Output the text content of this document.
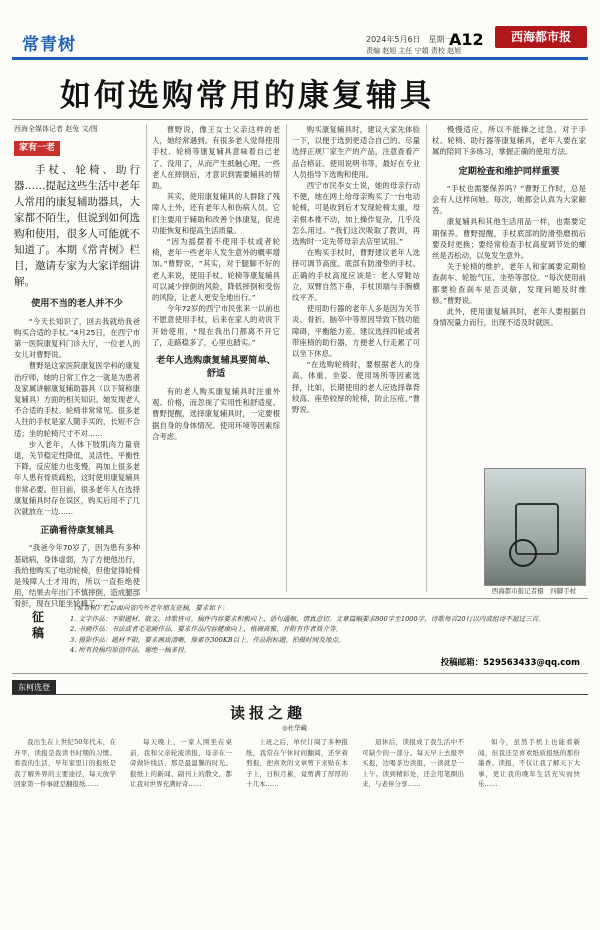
常青树	2024年5月6日　星期一
责编 赵旭 主任 宁娟 责校 赵旭
A12	西海都市报
如何选购常用的康复辅具
西海全媒体记者 赵兔 文/图
家有一老

手杖、轮椅、助行器……提起这些生活中老年人常用的康复辅助器具，大家都不陌生，但说到如何选购和使用，很多人可能就不知道了。本期《常青树》栏目，邀请专家为大家详细讲解。

使用不当的老人并不少

“今天长知识了，回去我就给我爸购买合适的手杖。”4月25日，在西宁市第一医院康复科门诊大厅，一位老人的女儿对曹野说。

曹野是这家医院康复医学科的康复治疗师，她的日常工作之一就是为患者及家属讲解康复辅助器具（以下简称康复辅具）方面的相关知识。她发现老人不合适的手杖、轮椅非常常见。很多老人拄的手杖是家人随手买的，长短不合适；坐的轮椅尺寸不对……

步入老年，人体下肢肌肉力量衰退，关节稳定性降低，灵活性、平衡性下降，反应能力也变慢，再加上很多老年人患有骨质疏松，这时使用康复辅具非常必要。但目前，很多老年人在选择康复辅具时存在误区，购买后用不了几次就放在一边……

正确看待康复辅具

“我爸今年70岁了，因为患有多种基础病，身体虚弱，为了方便他出行，我给他购买了电动轮椅，但他觉得轮椅是残障人士才用的，所以一直拒绝使用，结果去年出门不慎摔倒，造成腿部骨折，现在只能坐轮椅了……”

曹野说，像王女士父亲这样的老人，她经常遇到。有很多老人觉得使用手杖、轮椅等康复辅具意味着自己老了、没用了，从而产生抵触心理。一些老人在摔倒后，才意识到需要辅具的帮助。

其实，使用康复辅具的人群除了残障人士外，还有老年人和伤病人员。它们主要用于辅助和改善个体康复，促进功能恢复和提高生活质量。

“因为摇摆着不使用手杖或者轮椅，老年一些老年人发生意外的概率增加。”曹野说，“其实，对于腿脚不好的老人来说，使用手杖、轮椅等康复辅具可以减少摔倒的风险，降低摔倒和受伤的风险，让老人更安全地出行。”

今年72岁的西宁市民张来一以前也不愿意使用手杖，后来在家人的劝说下开始使用，“现在我出门都离不开它了，走路稳多了，心里也踏实。”

老年人选购康复辅具要简单、舒适

有的老人购买康复辅具时注重外观、价格，而忽视了实用性和舒适度。曹野提醒，选择康复辅具时，一定要根据自身的身体情况、使用环境等因素综合考虑。

购买康复辅具时，建议大家先体验一下，以便于选到更适合自己的。尽量选择正规厂家生产的产品，注意查看产品合格证、使用说明书等，最好在专业人员指导下选购和使用。

西宁市民李女士说，她的母亲行动不便，她在网上给母亲购买了一台电动轮椅，可是收到后才发现轮椅太重，母亲根本推不动，加上操作复杂，几乎没怎么用过。“我们这次吸取了教训，再选购时一定先带母亲去店里试用。”

在购买手杖时，曹野建议老年人选择可调节高度、底部有防滑垫的手杖。正确的手杖高度应该是：老人穿鞋站立，双臂自然下垂，手杖顶端与手腕横纹平齐。

使用助行器的老年人多是因为关节炎、骨折、脑卒中等原因导致下肢功能障碍，平衡能力差。建议选择四轮或者带座椅的助行器，方便老人行走累了可以坐下休息。

“在选购轮椅时，要根据老人的身高、体重、坐姿、使用场所等因素选择，比如，长期使用的老人应选择靠背较高、座垫较厚的轮椅，防止压疮。”曹野说。

慢慢适应，所以不能操之过急。对于手杖、轮椅、助行器等康复辅具，老年人要在家属的陪同下多练习，掌握正确的使用方法。

定期检查和维护同样重要

“手杖也需要保养吗？”曹野工作时，总是会有人这样问她。每次，她都会认真为大家解答。

康复辅具和其他生活用品一样，也需要定期保养。曹野提醒，手杖底部的防滑垫磨损后要及时更换；要经常检查手杖高度调节处的螺丝是否松动，以免发生意外。

关于轮椅的维护，老年人和家属要定期检查刹车、轮胎气压、坐垫等部位。“每次使用前都要检查刹车是否灵敏，发现问题及时维修。”曹野说。

此外，使用康复辅具时，老年人要根据自身情况量力而行，出现不适及时就医。

西海都市报记者摄　四脚手杖
征稿
《常青树》栏目面向省内外老年朋友征稿，要求如下：
1. 文字作品：不限题材、散文、诗歌皆可。稿件内容要求积极向上、语句通顺、情真意切。文章篇幅要求800字至1000字，诗歌每首20行以内或组诗不超过三首。
2. 书画作品：书法或者毛笔画作品，要求作品内容健康向上、格调高雅，并附有作者简介等。
3. 摄影作品：题材不限，要求画质清晰，像素在300KB以上。作品附标题、拍摄时间及地点。
4. 所有投稿均原创作品，谢绝一稿多投。
投稿邮箱：529563433@qq.com
东柯选登
读报之趣
◎杜华藏

我出生在上世纪50年代末，在开平，读报是我读书时期的习惯。看我的生活，早年家里订的报纸是我了解外界的主要途径，每天放学回家第一件事就是翻报纸……

每天晚上，一家人围坐在桌前，我和父亲轮流读报，母亲在一旁做针线活，那是最温馨的时光。报纸上的新闻、副刊上的散文，都让我对世界充满好奇……

上班之后，单位订阅了多种报纸，我常在午休时间翻阅，还学着剪报，把喜欢的文章剪下来贴在本子上，日积月累，竟剪满了厚厚的十几本……

退休后，读报成了我生活中不可缺少的一部分。每天早上去报亭买报，边喝茶边读报，一读就是一上午。读到精彩处，还会用笔圈出来，与老伴分享……

如今，虽然手机上也能看新闻，但我还是喜欢纸质报纸的那份墨香。读报，不仅让我了解天下大事，更让我的晚年生活充实而快乐……
